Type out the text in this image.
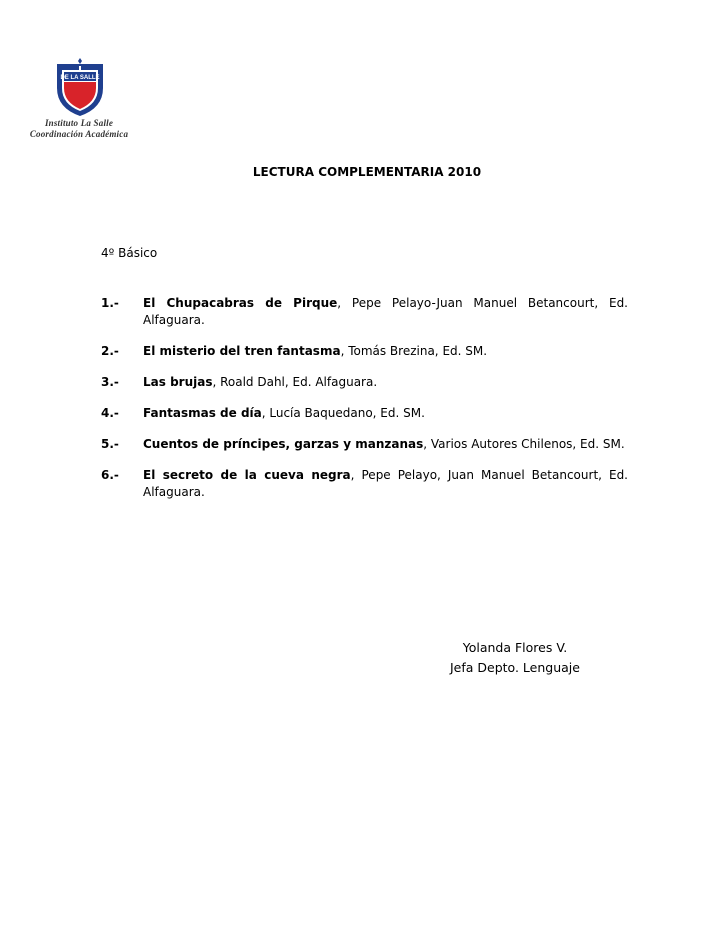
DE LA SALLE
Instituto La Salle
Coordinación Académica
LECTURA COMPLEMENTARIA 2010
4º Básico
1.-	El Chupacabras de Pirque, Pepe Pelayo-Juan Manuel Betancourt, Ed. Alfaguara.
2.-	El misterio del tren fantasma, Tomás Brezina, Ed. SM.
3.-	Las brujas, Roald Dahl, Ed. Alfaguara.
4.-	Fantasmas de día, Lucía Baquedano, Ed. SM.
5.-	Cuentos de príncipes, garzas y manzanas, Varios Autores Chilenos, Ed. SM.
6.-	El secreto de la cueva negra, Pepe Pelayo, Juan Manuel Betancourt, Ed. Alfaguara.
Yolanda Flores V.
Jefa Depto. Lenguaje
